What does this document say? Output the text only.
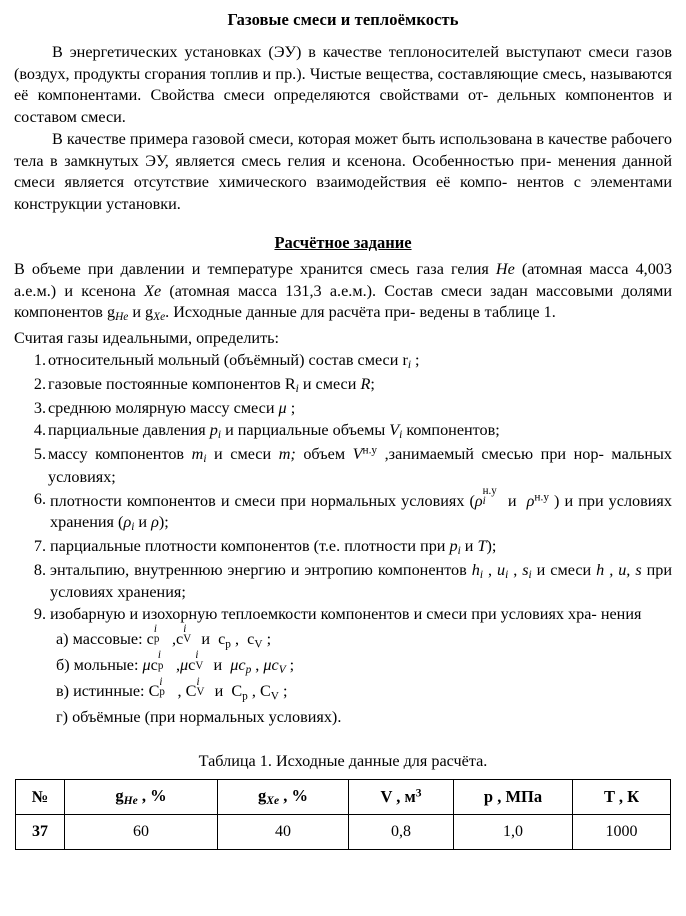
Газовые смеси и теплоёмкость

В энергетических установках (ЭУ) в качестве теплоносителей выступают смеси газов (воздух, продукты сгорания топлив и пр.). Чистые вещества, составляющие смесь, называются её компонентами. Свойства смеси определяются свойствами от- дельных компонентов и составом смеси.

В качестве примера газовой смеси, которая может быть использована в качестве рабочего тела в замкнутых ЭУ, является смесь гелия и ксенона. Особенностью при- менения данной смеси является отсутствие химического взаимодействия её компо- нентов с элементами конструкции установки.

Расчётное задание

В объеме при давлении и температуре хранится смесь газа гелия He (атомная масса 4,003 а.е.м.) и ксенона Xe (атомная масса 131,3 а.е.м.). Состав смеси задан массовыми долями компонентов $g_{He}$ и $g_{Xe}$. Исходные данные для расчёта при- ведены в таблице 1.

Считая газы идеальными, определить:
1. относительный мольный (объёмный) состав смеси $r_i$ ;
2. газовые постоянные компонентов $R_i$ и смеси R;
3. среднюю молярную массу смеси μ ;
4. парциальные давления $p_i$ и парциальные объемы $V_i$ компонентов;
5. массу компонентов $m_i$ и смеси m; объем $V^{н.у}$ ,занимаемый смесью при нор- мальных условиях;
6. плотности компонентов и смеси при нормальных условиях (ρ
н.у
i и  $\rho^{н.у}$ ) и при условиях хранения ($\rho_i$ и ρ);
7. парциальные плотности компонентов (т.е. плотности при $p_i$ и T);
8. энтальпию, внутреннюю энергию и энтропию компонентов $h_i$ , $u_i$ , $s_i$ и смеси h , u, s при условиях хранения;
9. изобарную и изохорную теплоемкости компонентов и смеси при условиях хра- нения
а) массовые: c
i
р ,c
i
V и  $c_р$ ,  $c_V$ ;
б) мольные: μc
i
р ,μc
i
V и  $\mu c_p$ , $\mu c_V$ ;
в) истинные: C
i
р , C
i
V и  $C_р$ , $C_V$ ;
г) объёмные (при нормальных условиях).
Таблица 1. Исходные данные для расчёта.
№	$g_{He}$ , %	$g_{Xe}$ , %	V , $м^3$	p , МПа	T , К
37	60	40	0,8	1,0	1000
